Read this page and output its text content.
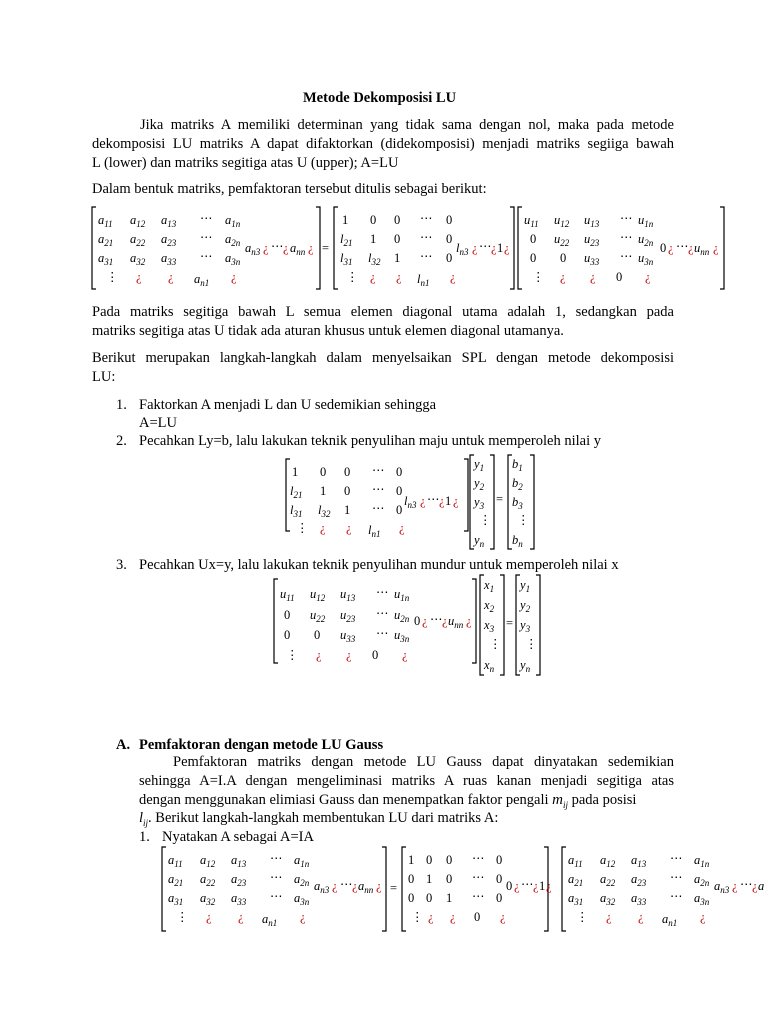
Metode Dekomposisi LU
Jika matriks A memiliki determinan yang tidak sama dengan nol, maka pada metode
dekomposisi LU matriks A dapat difaktorkan (didekomposisi) menjadi matriks segiiga bawah
L (lower) dan matriks segitiga atas U (upper); A=LU
Dalam bentuk matriks, pemfaktoran tersebut ditulis sebagai berikut:
$a_{11}$ $a_{12}$ $a_{13}$ ⋯ $a_{1n}$
$a_{21}$ $a_{22}$ $a_{23}$ ⋯ $a_{2n}$ $a_{n3}$ ¿ ⋯ ¿ $a_{nn}$ ¿
$a_{31}$ $a_{32}$ $a_{33}$ ⋯ $a_{3n}$
⋮ ¿ ¿ $a_{n1}$ ¿
=
1 0 0 ⋯ 0
$l_{21}$ 1 0 ⋯ 0
$l_{n3}$ ¿ ⋯ ¿ 1 ¿
$l_{31}$ $l_{32}$ 1 ⋯ 0
⋮ ¿ ¿ $l_{n1}$ ¿
$u_{11}$ $u_{12}$ $u_{13}$ ⋯ $u_{1n}$
0 $u_{22}$ $u_{23}$ ⋯ $u_{2n}$ 0 ¿ ⋯ ¿ $u_{nn}$ ¿
0 0 $u_{33}$ ⋯ $u_{3n}$
⋮ ¿ ¿ 0 ¿
Pada matriks segitiga bawah L semua elemen diagonal utama adalah 1, sedangkan pada
matriks segitiga atas U tidak ada aturan khusus untuk elemen diagonal utamanya.
Berikut merupakan langkah-langkah dalam menyelsaikan SPL dengan metode dekomposisi
LU:
1. Faktorkan A menjadi L dan U sedemikian sehingga
A=LU
2. Pecahkan Ly=b, lalu lakukan teknik penyulihan maju untuk memperoleh nilai y
1 0 0 ⋯ 0
$l_{21}$ 1 0 ⋯ 0
$l_{n3}$ ¿ ⋯ ¿ 1 ¿
$l_{31}$ $l_{32}$ 1 ⋯ 0
⋮ ¿ ¿ $l_{n1}$ ¿
$y_1$
$y_2$
$y_3$
⋮
$y_n$
=
$b_1$
$b_2$
$b_3$
⋮
$b_n$
3. Pecahkan Ux=y, lalu lakukan teknik penyulihan mundur untuk memperoleh nilai x
$u_{11}$ $u_{12}$ $u_{13}$ ⋯ $u_{1n}$
0 $u_{22}$ $u_{23}$ ⋯ $u_{2n}$ 0 ¿ ⋯ ¿ $u_{nn}$ ¿
0 0 $u_{33}$ ⋯ $u_{3n}$
⋮ ¿ ¿ 0 ¿
$x_1$
$x_2$
$x_3$
⋮
$x_n$
=
$y_1$
$y_2$
$y_3$
⋮
$y_n$
A. Pemfaktoran dengan metode LU Gauss
Pemfaktoran matriks dengan metode LU Gauss dapat dinyatakan sedemikian
sehingga A=I.A dengan mengeliminasi matriks A ruas kanan menjadi segitiga atas
dengan menggunakan elimiasi Gauss dan menempatkan faktor pengali $m_{ij}$ pada posisi
$l_{ij}$. Berikut langkah-langkah membentukan LU dari matriks A:
1. Nyatakan A sebagai A=IA
$a_{11}$ $a_{12}$ $a_{13}$ ⋯ $a_{1n}$
$a_{21}$ $a_{22}$ $a_{23}$ ⋯ $a_{2n}$ $a_{n3}$ ¿ ⋯ ¿ $a_{nn}$ ¿
$a_{31}$ $a_{32}$ $a_{33}$ ⋯ $a_{3n}$
⋮ ¿ ¿ $a_{n1}$ ¿
=
1 0 0 ⋯ 0
0 1 0 ⋯ 0 0 ¿ ⋯ ¿ 1 ¿
0 0 1 ⋯ 0
⋮ ¿ ¿ 0 ¿
$a_{11}$ $a_{12}$ $a_{13}$ ⋯ $a_{1n}$
$a_{21}$ $a_{22}$ $a_{23}$ ⋯ $a_{2n}$ $a_{n3}$ ¿ ⋯ ¿ a
$a_{31}$ $a_{32}$ $a_{33}$ ⋯ $a_{3n}$
⋮ ¿ ¿ $a_{n1}$ ¿
